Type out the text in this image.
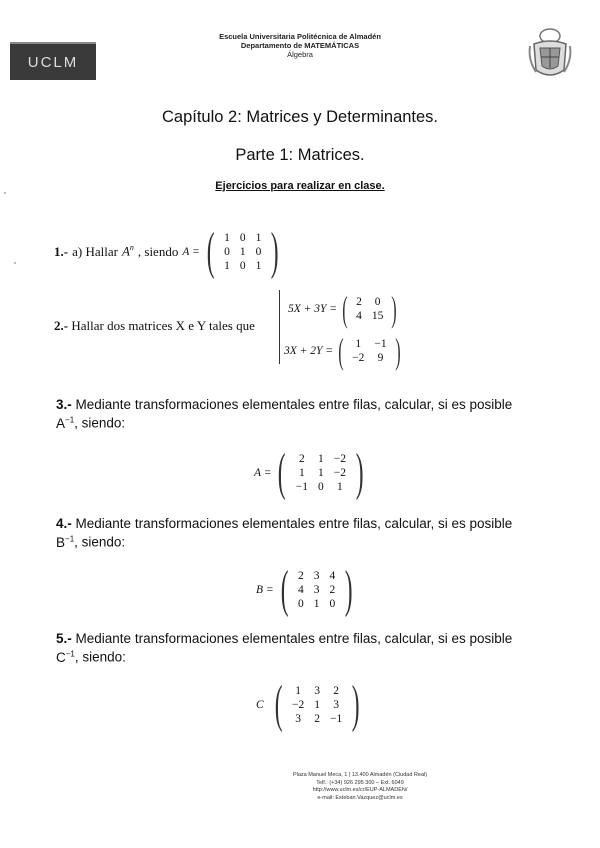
UCLM
Escuela Universitaria Politécnica de Almadén
Departamento de MATEMÁTICAS
Álgebra
Capítulo 2: Matrices y Determinantes.
Parte 1: Matrices.
Ejercicios para realizar en clase.
1.- a) Hallar $A^n$ , siendo A = ( 1	0	1
0	1	0
1	0	1 )
2.- Hallar dos matrices X e Y tales que
5X + 3Y = ( 2	0
4	15 )
3X + 2Y = ( 1	−1
−2	9 )
3.- Mediante transformaciones elementales entre filas, calcular, si es posible
$A^{-1}$, siendo:
A = ( 2	1	−2
1	1	−2
−1	0	1 )
4.- Mediante transformaciones elementales entre filas, calcular, si es posible
$B^{-1}$, siendo:
B = ( 2	3	4
4	3	2
0	1	0 )
5.- Mediante transformaciones elementales entre filas, calcular, si es posible
$C^{-1}$, siendo:
C ( 1	3	2
−2	1	3
3	2	−1 )
Plaza Manuel Meca, 1 | 13.400 Almadén (Ciudad Real)
Telf.: (+34) 926 295 300 – Ext. 6049
http://www.uclm.es/cr/EUP-ALMADEN/
e-mail: Esteban.Vazquez@uclm.es
